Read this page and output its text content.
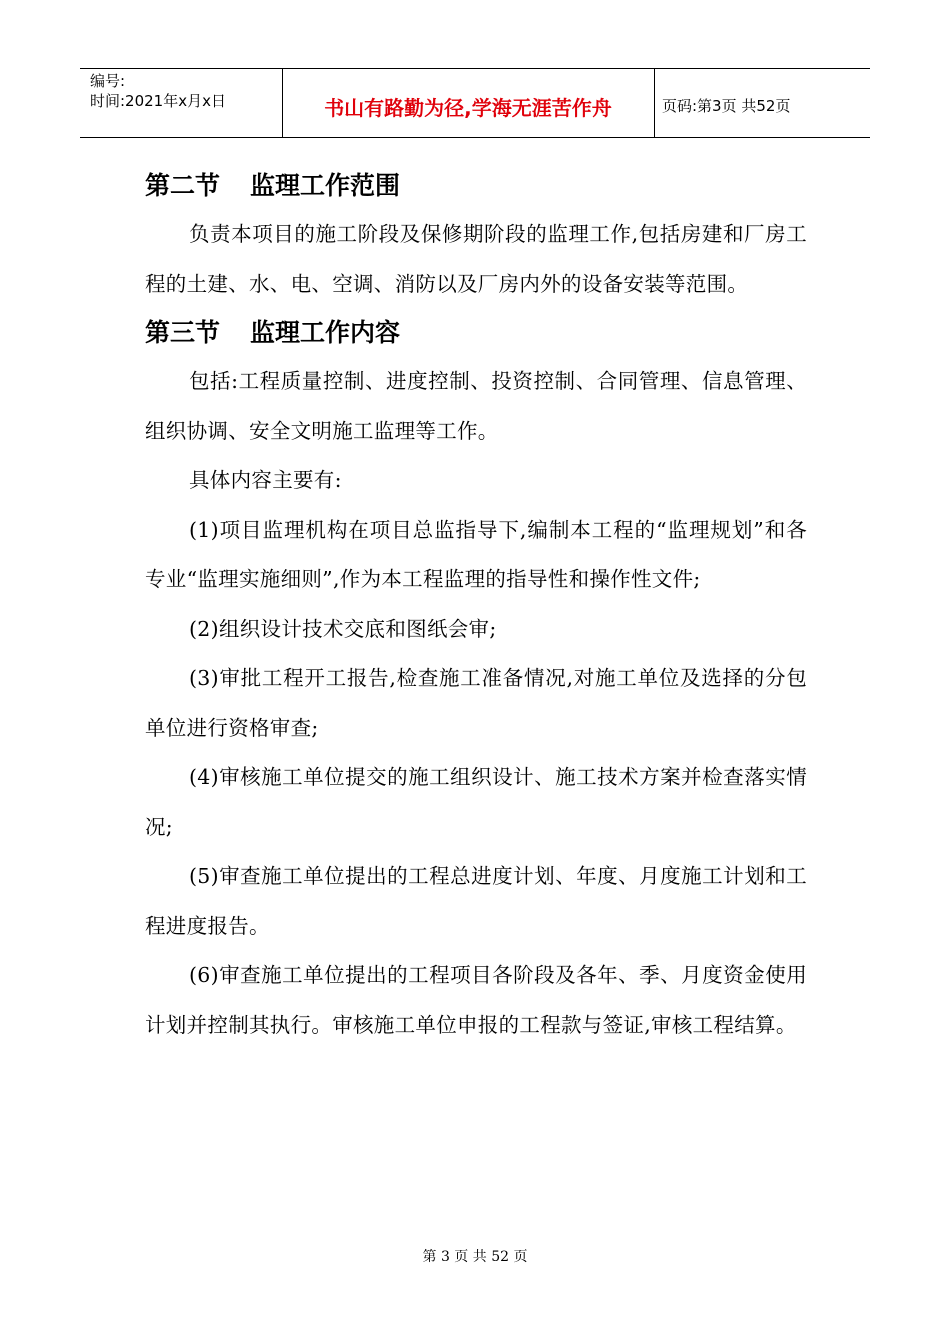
编号:
时间:2021年x月x日	书山有路勤为径,学海无涯苦作舟	页码:第3页 共52页
第二节 监理工作范围

负责本项目的施工阶段及保修期阶段的监理工作,包括房建和厂房工程的土建、水、电、空调、消防以及厂房内外的设备安装等范围。

第三节 监理工作内容

包括:工程质量控制、进度控制、投资控制、合同管理、信息管理、组织协调、安全文明施工监理等工作。

具体内容主要有:

(1)项目监理机构在项目总监指导下,编制本工程的“监理规划”和各专业“监理实施细则”,作为本工程监理的指导性和操作性文件;

(2)组织设计技术交底和图纸会审;

(3)审批工程开工报告,检查施工准备情况,对施工单位及选择的分包单位进行资格审查;

(4)审核施工单位提交的施工组织设计、施工技术方案并检查落实情况;

(5)审查施工单位提出的工程总进度计划、年度、月度施工计划和工程进度报告。

(6)审查施工单位提出的工程项目各阶段及各年、季、月度资金使用计划并控制其执行。审核施工单位申报的工程款与签证,审核工程结算。

第 3 页 共 52 页
